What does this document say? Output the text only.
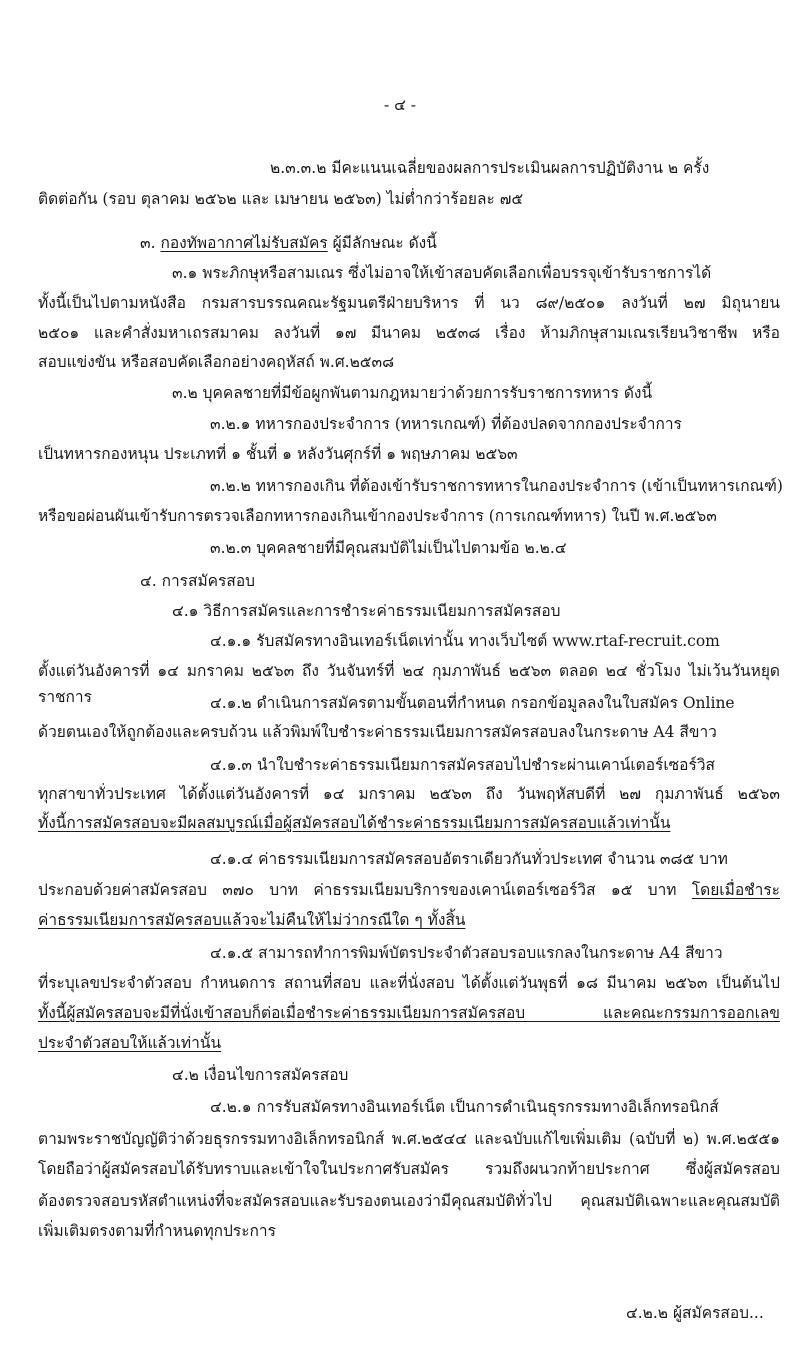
- ๔ -
๒.๓.๓.๒ มีคะแนนเฉลี่ยของผลการประเมินผลการปฏิบัติงาน ๒ ครั้ง
ติดต่อกัน (รอบ ตุลาคม ๒๕๖๒ และ เมษายน ๒๕๖๓) ไม่ต่ำกว่าร้อยละ ๗๕
๓. กองทัพอากาศไม่รับสมัคร ผู้มีลักษณะ ดังนี้
๓.๑ พระภิกษุหรือสามเณร ซึ่งไม่อาจให้เข้าสอบคัดเลือกเพื่อบรรจุเข้ารับราชการได้
ทั้งนี้เป็นไปตามหนังสือ กรมสารบรรณคณะรัฐมนตรีฝ่ายบริหาร ที่ นว ๘๙/๒๕๐๑ ลงวันที่ ๒๗ มิถุนายน
๒๕๐๑ และคำสั่งมหาเถรสมาคม ลงวันที่ ๑๗ มีนาคม ๒๕๓๘ เรื่อง ห้ามภิกษุสามเณรเรียนวิชาชีพ หรือ
สอบแข่งขัน หรือสอบคัดเลือกอย่างคฤหัสถ์ พ.ศ.๒๕๓๘
๓.๒ บุคคลชายที่มีข้อผูกพันตามกฎหมายว่าด้วยการรับราชการทหาร ดังนี้
๓.๒.๑ ทหารกองประจำการ (ทหารเกณฑ์) ที่ต้องปลดจากกองประจำการ
เป็นทหารกองหนุน ประเภทที่ ๑ ชั้นที่ ๑ หลังวันศุกร์ที่ ๑ พฤษภาคม ๒๕๖๓
๓.๒.๒ ทหารกองเกิน ที่ต้องเข้ารับราชการทหารในกองประจำการ (เข้าเป็นทหารเกณฑ์)
หรือขอผ่อนผันเข้ารับการตรวจเลือกทหารกองเกินเข้ากองประจำการ (การเกณฑ์ทหาร) ในปี พ.ศ.๒๕๖๓
๓.๒.๓ บุคคลชายที่มีคุณสมบัติไม่เป็นไปตามข้อ ๒.๒.๔
๔. การสมัครสอบ
๔.๑ วิธีการสมัครและการชำระค่าธรรมเนียมการสมัครสอบ
๔.๑.๑ รับสมัครทางอินเทอร์เน็ตเท่านั้น ทางเว็บไซต์ www.rtaf-recruit.com
ตั้งแต่วันอังคารที่ ๑๔ มกราคม ๒๕๖๓ ถึง วันจันทร์ที่ ๒๔ กุมภาพันธ์ ๒๕๖๓ ตลอด ๒๔ ชั่วโมง ไม่เว้นวันหยุดราชการ	๔.๑.๒ ดำเนินการสมัครตามขั้นตอนที่กำหนด กรอกข้อมูลลงในใบสมัคร Online
ด้วยตนเองให้ถูกต้องและครบถ้วน แล้วพิมพ์ใบชำระค่าธรรมเนียมการสมัครสอบลงในกระดาษ A4 สีขาว
๔.๑.๓ นำใบชำระค่าธรรมเนียมการสมัครสอบไปชำระผ่านเคาน์เตอร์เซอร์วิส
ทุกสาขาทั่วประเทศ ได้ตั้งแต่วันอังคารที่ ๑๔ มกราคม ๒๕๖๓ ถึง วันพฤหัสบดีที่ ๒๗ กุมภาพันธ์ ๒๕๖๓
ทั้งนี้การสมัครสอบจะมีผลสมบูรณ์เมื่อผู้สมัครสอบได้ชำระค่าธรรมเนียมการสมัครสอบแล้วเท่านั้น
๔.๑.๔ ค่าธรรมเนียมการสมัครสอบอัตราเดียวกันทั่วประเทศ จำนวน ๓๘๕ บาท
ประกอบด้วยค่าสมัครสอบ ๓๗๐ บาท ค่าธรรมเนียมบริการของเคาน์เตอร์เซอร์วิส ๑๕ บาท โดยเมื่อชำระ
ค่าธรรมเนียมการสมัครสอบแล้วจะไม่คืนให้ไม่ว่ากรณีใด ๆ ทั้งสิ้น
๔.๑.๕ สามารถทำการพิมพ์บัตรประจำตัวสอบรอบแรกลงในกระดาษ A4 สีขาว
ที่ระบุเลขประจำตัวสอบ กำหนดการ สถานที่สอบ และที่นั่งสอบ ได้ตั้งแต่วันพุธที่ ๑๘ มีนาคม ๒๕๖๓ เป็นต้นไป
ทั้งนี้ผู้สมัครสอบจะมีที่นั่งเข้าสอบก็ต่อเมื่อชำระค่าธรรมเนียมการสมัครสอบ และคณะกรรมการออกเลข
ประจำตัวสอบให้แล้วเท่านั้น
๔.๒ เงื่อนไขการสมัครสอบ
๔.๒.๑ การรับสมัครทางอินเทอร์เน็ต เป็นการดำเนินธุรกรรมทางอิเล็กทรอนิกส์
ตามพระราชบัญญัติว่าด้วยธุรกรรมทางอิเล็กทรอนิกส์ พ.ศ.๒๕๔๔ และฉบับแก้ไขเพิ่มเติม (ฉบับที่ ๒) พ.ศ.๒๕๕๑
โดยถือว่าผู้สมัครสอบได้รับทราบและเข้าใจในประกาศรับสมัคร รวมถึงผนวกท้ายประกาศ ซึ่งผู้สมัครสอบ
ต้องตรวจสอบรหัสตำแหน่งที่จะสมัครสอบและรับรองตนเองว่ามีคุณสมบัติทั่วไป คุณสมบัติเฉพาะและคุณสมบัติ
เพิ่มเติมตรงตามที่กำหนดทุกประการ
๔.๒.๒ ผู้สมัครสอบ...
